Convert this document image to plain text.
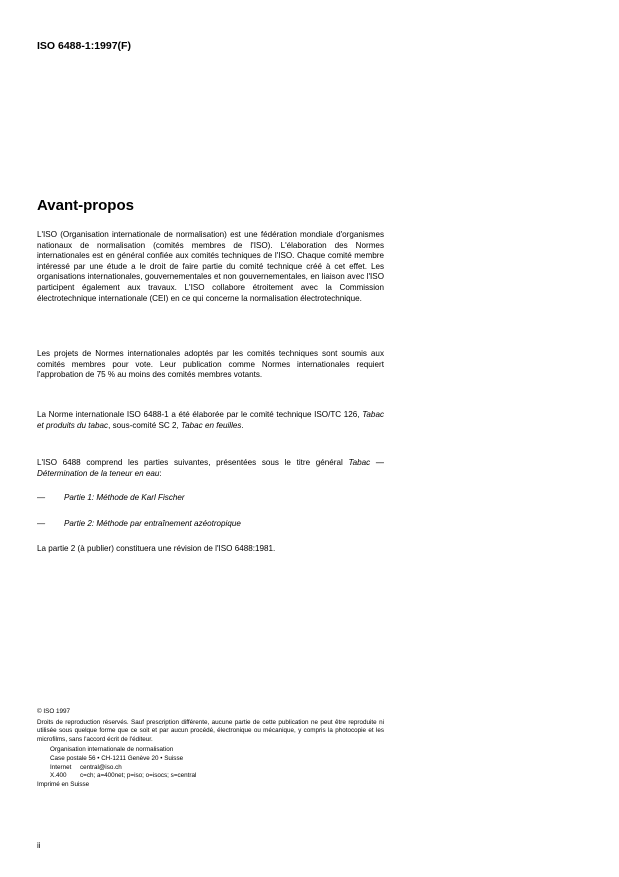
ISO 6488-1:1997(F)
Avant-propos

L'ISO (Organisation internationale de normalisation) est une fédération mondiale d'organismes nationaux de normalisation (comités membres de l'ISO). L'élaboration des Normes internationales est en général confiée aux comités techniques de l'ISO. Chaque comité membre intéressé par une étude a le droit de faire partie du comité technique créé à cet effet. Les organisations internationales, gouvernementales et non gouvernementales, en liaison avec l'ISO participent également aux travaux. L'ISO collabore étroitement avec la Commission électrotechnique internationale (CEI) en ce qui concerne la normalisation électrotechnique.

Les projets de Normes internationales adoptés par les comités techniques sont soumis aux comités membres pour vote. Leur publication comme Normes internationales requiert l'approbation de 75 % au moins des comités membres votants.

La Norme internationale ISO 6488-1 a été élaborée par le comité technique ISO/TC 126, Tabac et produits du tabac, sous-comité SC 2, Tabac en feuilles.

L'ISO 6488 comprend les parties suivantes, présentées sous le titre général Tabac — Détermination de la teneur en eau:

— Partie 1: Méthode de Karl Fischer
— Partie 2: Méthode par entraînement azéotropique

La partie 2 (à publier) constituera une révision de l'ISO 6488:1981.

© ISO 1997
Droits de reproduction réservés. Sauf prescription différente, aucune partie de cette publication ne peut être reproduite ni utilisée sous quelque forme que ce soit et par aucun procédé, électronique ou mécanique, y compris la photocopie et les microfilms, sans l'accord écrit de l'éditeur.
Organisation internationale de normalisation
Case postale 56 • CH-1211 Genève 20 • Suisse
Internet central@iso.ch
X.400 c=ch; a=400net; p=iso; o=isocs; s=central
Imprimé en Suisse
ii
